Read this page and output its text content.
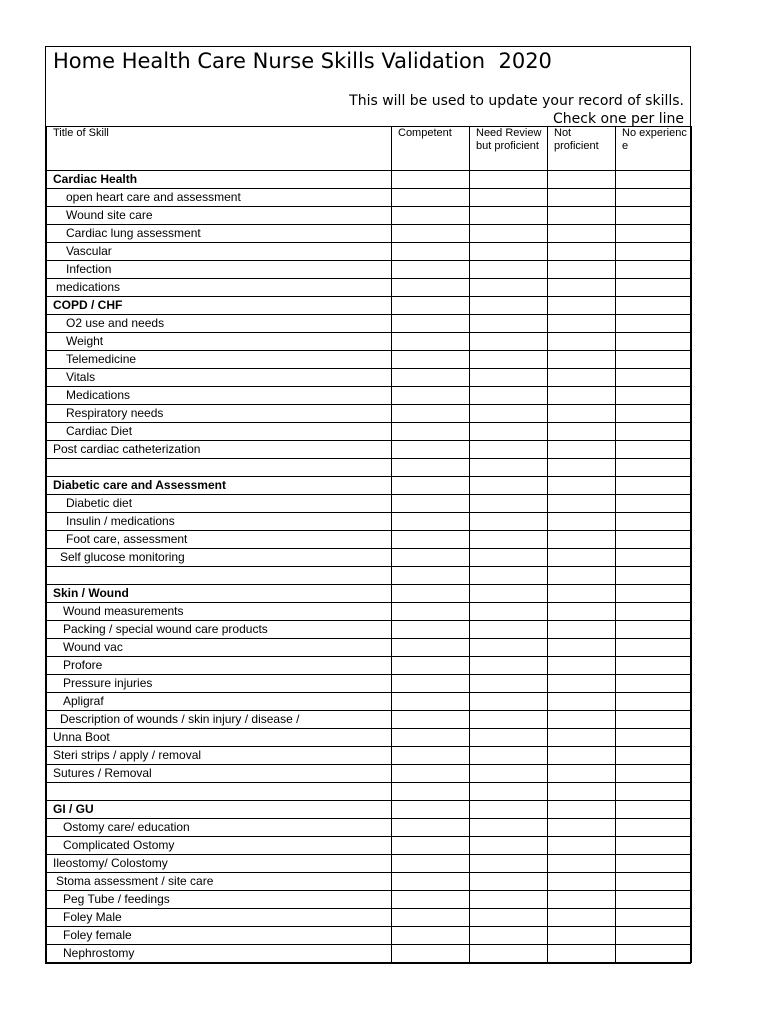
Home Health Care Nurse Skills Validation  2020
This will be used to update your record of skills.
Check one per line
Title of Skill	Competent	Need Review but proficient	Not proficient	No experienc e
Cardiac Health				
open heart care and assessment				
Wound site care				
Cardiac lung assessment				
Vascular				
Infection				
medications				
COPD / CHF				
O2 use and needs				
Weight				
Telemedicine				
Vitals				
Medications				
Respiratory needs				
Cardiac Diet				
Post cardiac catheterization				

Diabetic care and Assessment				
Diabetic diet				
Insulin / medications				
Foot care, assessment				
Self glucose monitoring				

Skin / Wound				
Wound measurements				
Packing / special wound care products				
Wound vac				
Profore				
Pressure injuries				
Apligraf				
Description of wounds / skin injury / disease /				
Unna Boot				
Steri strips / apply / removal				
Sutures / Removal				

GI / GU				
Ostomy care/ education				
Complicated Ostomy				
Ileostomy/ Colostomy				
Stoma assessment / site care				
Peg Tube / feedings				
Foley Male				
Foley female				
Nephrostomy				
